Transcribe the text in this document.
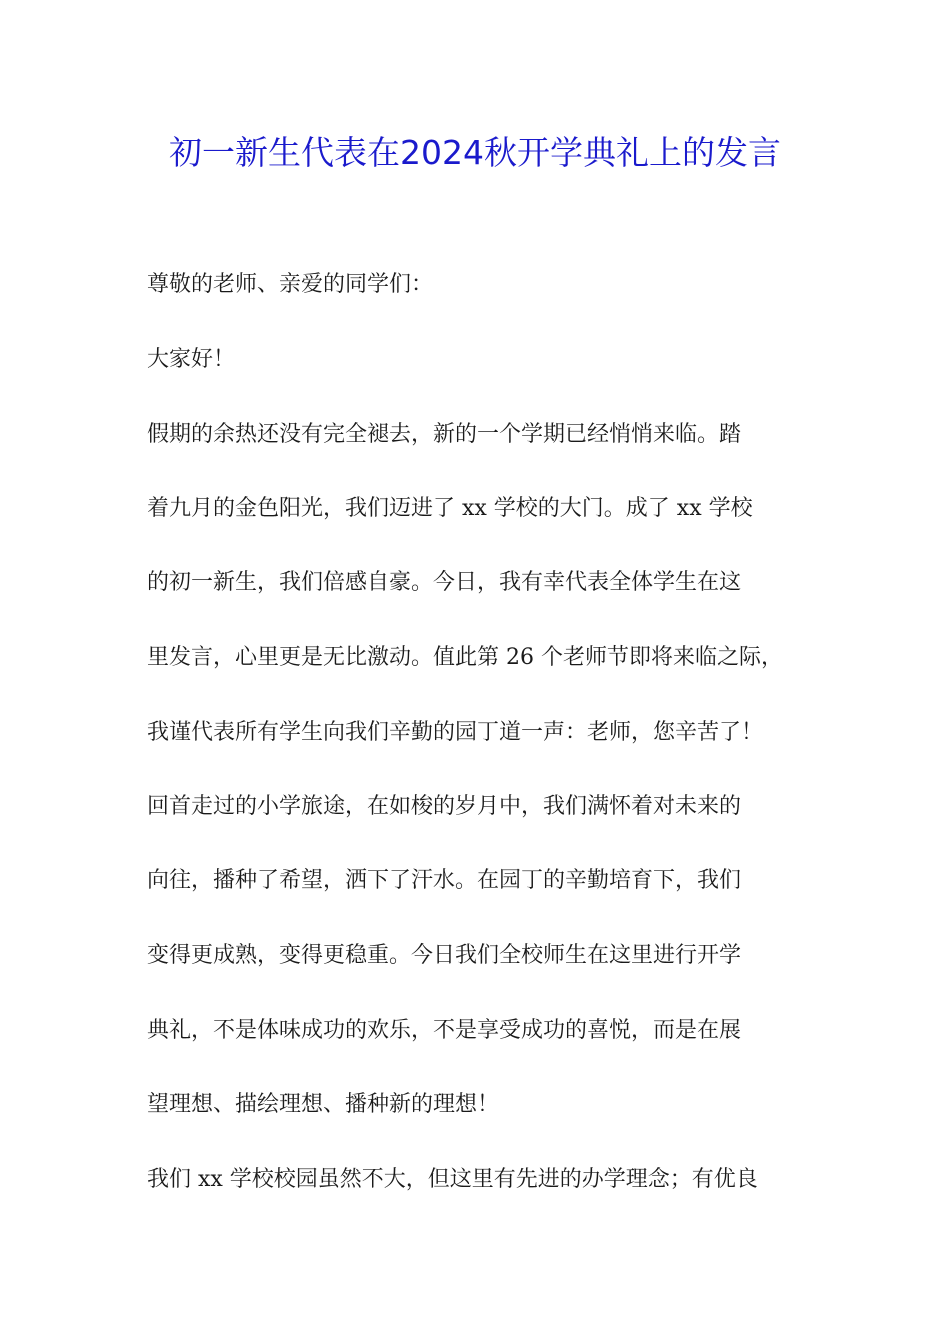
初一新生代表在2024秋开学典礼上的发言
尊敬的老师、亲爱的同学们：
大家好！
假期的余热还没有完全褪去，新的一个学期已经悄悄来临。踏
着九月的金色阳光，我们迈进了 xx 学校的大门。成了 xx 学校
的初一新生，我们倍感自豪。今日，我有幸代表全体学生在这
里发言，心里更是无比激动。值此第 26 个老师节即将来临之际，
我谨代表所有学生向我们辛勤的园丁道一声：老师，您辛苦了！
回首走过的小学旅途，在如梭的岁月中，我们满怀着对未来的
向往，播种了希望，洒下了汗水。在园丁的辛勤培育下，我们
变得更成熟，变得更稳重。今日我们全校师生在这里进行开学
典礼，不是体味成功的欢乐，不是享受成功的喜悦，而是在展
望理想、描绘理想、播种新的理想！
我们 xx 学校校园虽然不大，但这里有先进的办学理念；有优良
